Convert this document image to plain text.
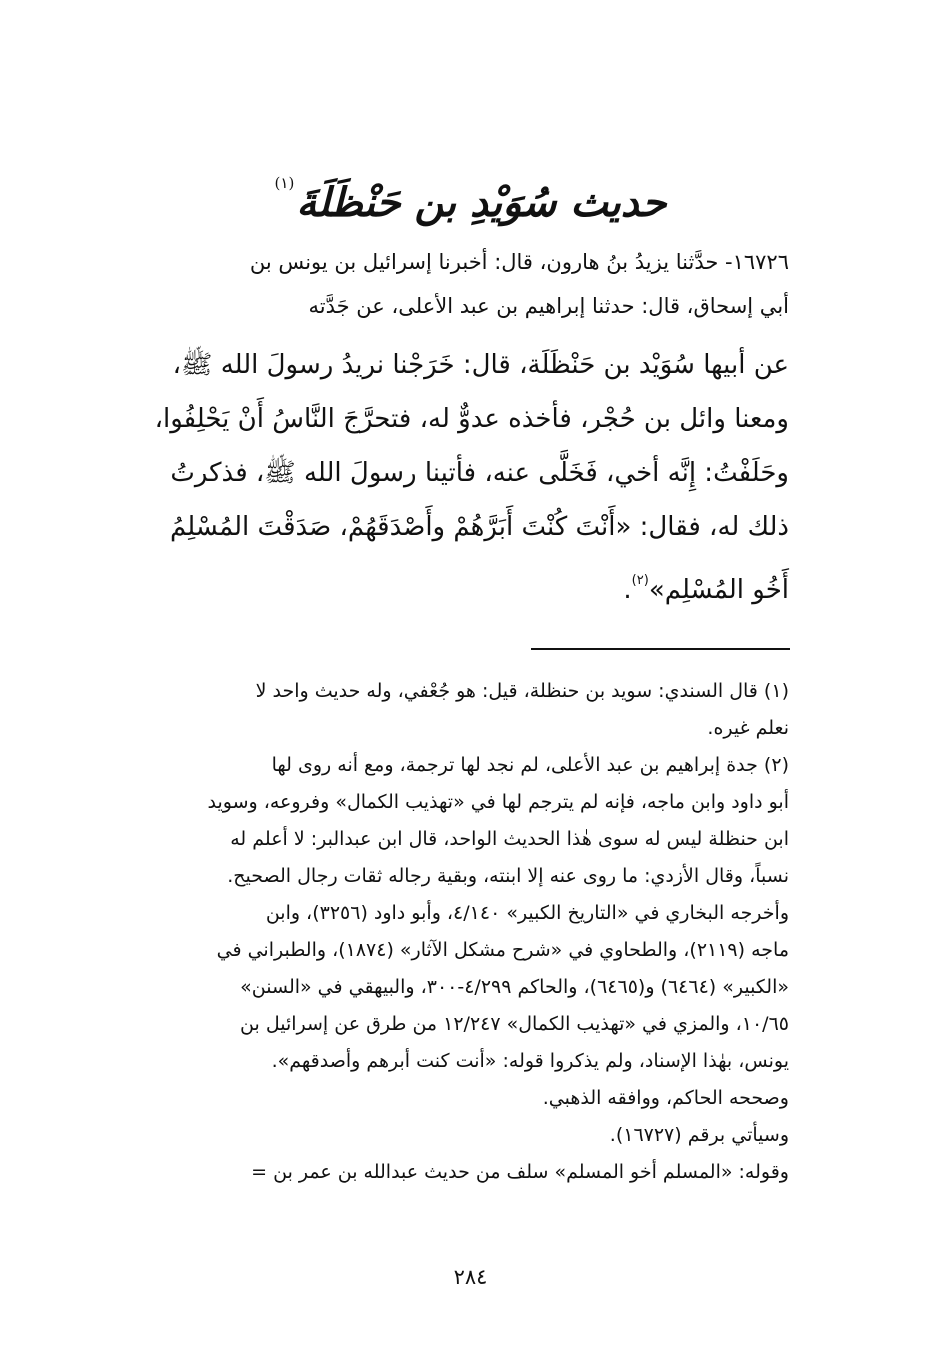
حديث سُوَيْدِ بن حَنْظَلَةَ$^{(١)}$
١٦٧٢٦- حدَّثنا يزيدُ بنُ هارون، قال: أخبرنا إسرائيل بن يونس بن
أبي إسحاق، قال: حدثنا إبراهيم بن عبد الأعلى، عن جَدَّته
عن أبيها سُوَيْد بن حَنْظَلَة، قال: خَرَجْنا نريدُ رسولَ الله ﷺ،
ومعنا وائل بن حُجْر، فأخذه عدوٌّ له، فتحرَّجَ النَّاسُ أَنْ يَحْلِفُوا،
وحَلَفْتُ: إِنَّه أخي، فَخَلَّى عنه، فأتينا رسولَ الله ﷺ، فذكرتُ
ذلك له، فقال: «أَنْتَ كُنْتَ أَبَرَّهُمْ وأَصْدَقَهُمْ، صَدَقْتَ المُسْلِمُ
أَخُو المُسْلِم»$^{(٢)}$.
(١) قال السندي: سويد بن حنظلة، قيل: هو جُعْفي، وله حديث واحد لا
نعلم غيره.
(٢) جدة إبراهيم بن عبد الأعلى، لم نجد لها ترجمة، ومع أنه روى لها
أبو داود وابن ماجه، فإنه لم يترجم لها في «تهذيب الكمال» وفروعه، وسويد
ابن حنظلة ليس له سوى هٰذا الحديث الواحد، قال ابن عبدالبر: لا أعلم له
نسباً، وقال الأزدي: ما روى عنه إلا ابنته، وبقية رجاله ثقات رجال الصحيح.
وأخرجه البخاري في «التاريخ الكبير» ٤/١٤٠، وأبو داود (٣٢٥٦)، وابن
ماجه (٢١١٩)، والطحاوي في «شرح مشكل الآثار» (١٨٧٤)، والطبراني في
«الكبير» (٦٤٦٤) و(٦٤٦٥)، والحاكم ٤/٢٩٩-٣٠٠، والبيهقي في «السنن»
١٠/٦٥، والمزي في «تهذيب الكمال» ١٢/٢٤٧ من طرق عن إسرائيل بن
يونس، بهٰذا الإسناد، ولم يذكروا قوله: «أنت كنت أبرهم وأصدقهم».
وصححه الحاكم، ووافقه الذهبي.
وسيأتي برقم (١٦٧٢٧).
وقوله: «المسلم أخو المسلم» سلف من حديث عبدالله بن عمر بن =
٢٨٤
